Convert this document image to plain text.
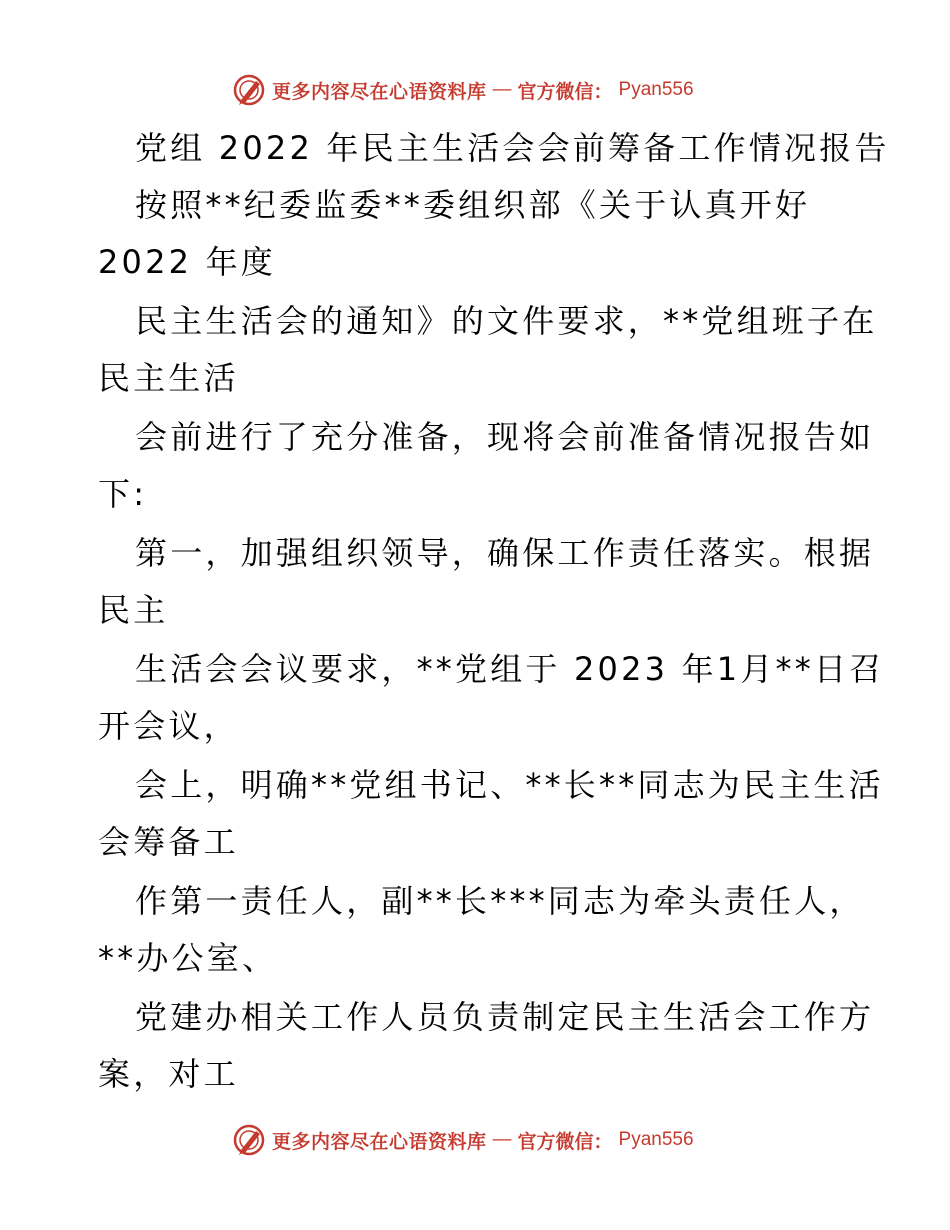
更多内容尽在心语资料库 — 官方微信： Pyan556
党组 2022 年民主生活会会前筹备工作情况报告
按照**纪委监委**委组织部《关于认真开好
2022 年度
民主生活会的通知》的文件要求，**党组班子在
民主生活
会前进行了充分准备，现将会前准备情况报告如
下:
第一，加强组织领导，确保工作责任落实。根据
民主
生活会会议要求，**党组于 2023 年1月**日召
开会议，
会上，明确**党组书记、**长**同志为民主生活
会筹备工
作第一责任人，副**长***同志为牵头责任人，
**办公室、
党建办相关工作人员负责制定民主生活会工作方
案，对工
更多内容尽在心语资料库 — 官方微信： Pyan556
